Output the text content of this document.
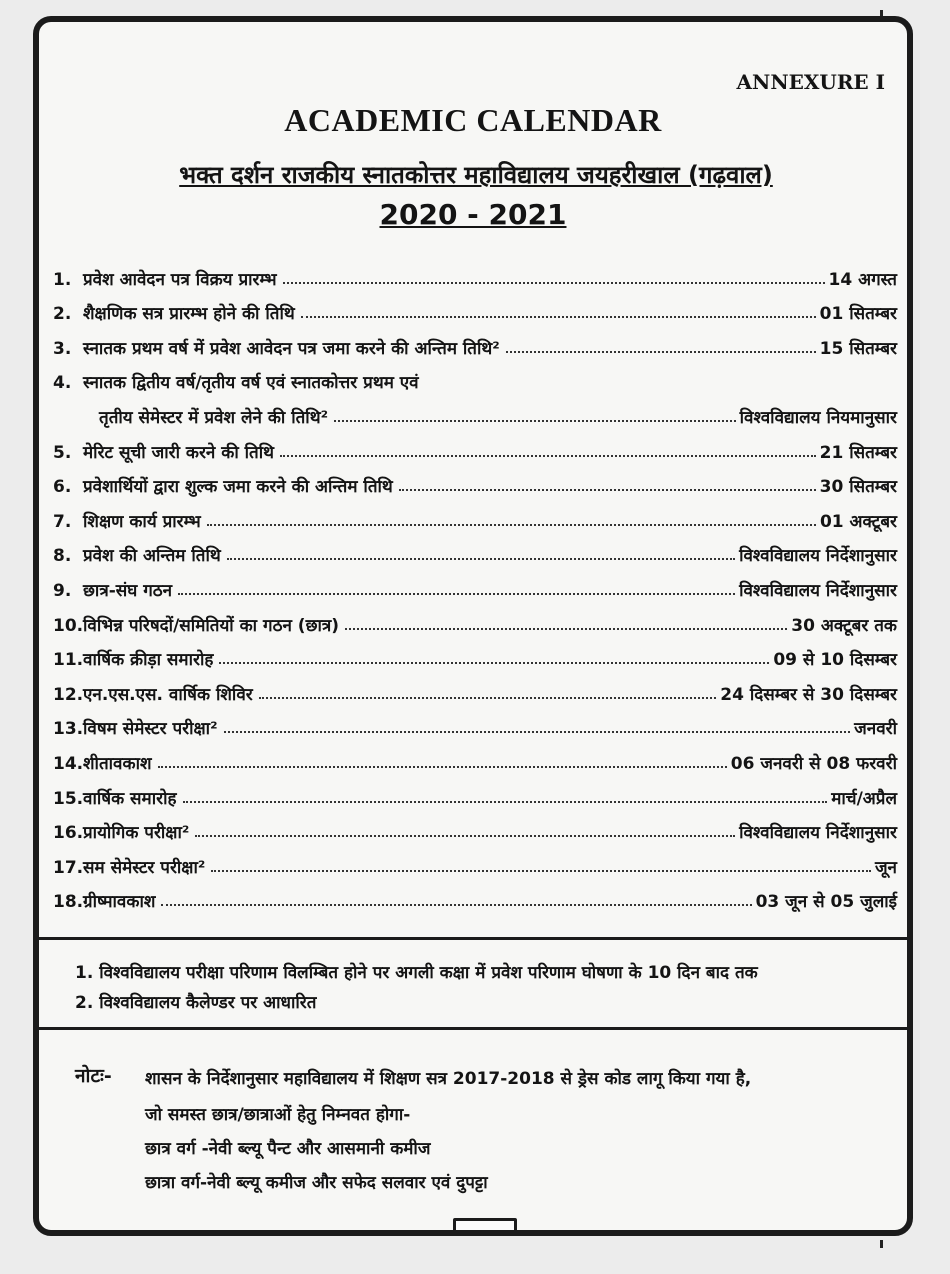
ANNEXURE I
ACADEMIC CALENDAR
भक्त दर्शन राजकीय स्नातकोत्तर महाविद्यालय जयहरीखाल (गढ़वाल)
2020 - 2021
1. प्रवेश आवेदन पत्र विक्रय प्रारम्भ	14 अगस्त
2. शैक्षणिक सत्र प्रारम्भ होने की तिथि	01 सितम्बर
3. स्नातक प्रथम वर्ष में प्रवेश आवेदन पत्र जमा करने की अन्तिम तिथि²	15 सितम्बर
4. स्नातक द्वितीय वर्ष/तृतीय वर्ष एवं स्नातकोत्तर प्रथम एवं
तृतीय सेमेस्टर में प्रवेश लेने की तिथि²	विश्वविद्यालय नियमानुसार
5. मेरिट सूची जारी करने की तिथि	21 सितम्बर
6. प्रवेशार्थियों द्वारा शुल्क जमा करने की अन्तिम तिथि	30 सितम्बर
7. शिक्षण कार्य प्रारम्भ	01 अक्टूबर
8. प्रवेश की अन्तिम तिथि	विश्वविद्यालय निर्देशानुसार
9. छात्र-संघ गठन	विश्वविद्यालय निर्देशानुसार
10. विभिन्न परिषदों/समितियों का गठन (छात्र)	30 अक्टूबर तक
11. वार्षिक क्रीड़ा समारोह	09 से 10 दिसम्बर
12. एन.एस.एस. वार्षिक शिविर	24 दिसम्बर से 30 दिसम्बर
13. विषम सेमेस्टर परीक्षा²	जनवरी
14. शीतावकाश	06 जनवरी से 08 फरवरी
15. वार्षिक समारोह	मार्च/अप्रैल
16. प्रायोगिक परीक्षा²	विश्वविद्यालय निर्देशानुसार
17. सम सेमेस्टर परीक्षा²	जून
18. ग्रीष्मावकाश	03 जून से 05 जुलाई
1. विश्वविद्यालय परीक्षा परिणाम विलम्बित होने पर अगली कक्षा में प्रवेश परिणाम घोषणा के 10 दिन बाद तक
2. विश्वविद्यालय कैलेण्डर पर आधारित
नोटः- शासन के निर्देशानुसार महाविद्यालय में शिक्षण सत्र 2017-2018 से ड्रेस कोड लागू किया गया है,
जो समस्त छात्र/छात्राओं हेतु निम्नवत होगा-
छात्र वर्ग -नेवी ब्ल्यू पैन्ट और आसमानी कमीज
छात्रा वर्ग-नेवी ब्ल्यू कमीज और सफेद सलवार एवं दुपट्टा
